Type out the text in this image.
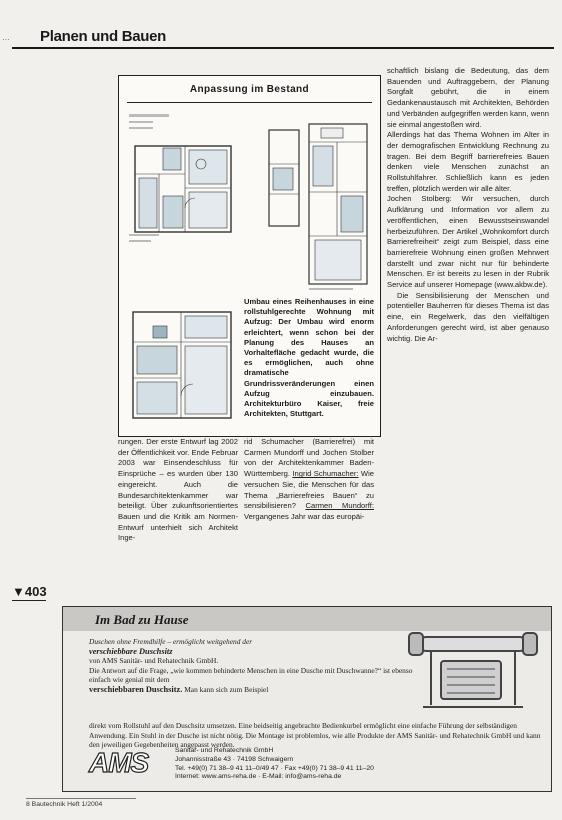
… Planen und Bauen
Anpassung im Bestand
Umbau eines Reihenhauses in eine rollstuhlgerechte Wohnung mit Aufzug: Der Umbau wird enorm erleichtert, wenn schon bei der Planung des Hauses an Vorhaltefläche gedacht wurde, die es ermöglichen, auch ohne dramatische Grundrissveränderungen einen Aufzug einzubauen. Architekturbüro Kaiser, freie Architekten, Stuttgart.

schaftlich bislang die Bedeutung, das dem Bauenden und Auftraggebern, der Planung Sorgfalt gebührt, die in einem Gedankenaustausch mit Architekten, Behörden und Verbänden aufgegriffen werden kann, wenn sie einmal angestoßen wird.

Allerdings hat das Thema Wohnen im Alter in der demografischen Entwicklung Rechnung zu tragen. Bei dem Begriff barrierefreies Bauen denken viele Menschen zunächst an Rollstuhlfahrer. Schließlich kann es jeden treffen, plötzlich werden wir alle älter.

Jochen Stolberg: Wir versuchen, durch Aufklärung und Information vor allem zu veröffentlichen, einen Bewusstseinswandel herbeizuführen. Der Artikel „Wohnkomfort durch Barrierefreiheit“ zeigt zum Beispiel, dass eine barrierefreie Wohnung einen großen Mehrwert darstellt und zwar nicht nur für behinderte Menschen. Er ist bereits zu lesen in der Rubrik Service auf unserer Homepage (www.akbw.de).

Die Sensibilisierung der Menschen und potentieller Bauherren für dieses Thema ist das eine, ein Regelwerk, das den vielfältigen Anforderungen gerecht wird, ist aber genauso wichtig. Die Ar-

rungen. Der erste Entwurf lag 2002 der Öffentlichkeit vor. Ende Februar 2003 war Einsendeschluss für Einsprüche – es wurden über 130 eingereicht. Auch die Bundesarchitektenkammer war beteiligt. Über zukunftsorientiertes Bauen und die Kritik am Normen-Entwurf unterhielt sich Architekt Inge-

rid Schumacher (Barrierefrei) mit Carmen Mundorff und Jochen Stolber von der Architektenkammer Baden-Württemberg. Ingrid Schumacher: Wie versuchen Sie, die Menschen für das Thema „Barrierefreies Bauen“ zu sensibilisieren? Carmen Mundorff: Vergangenes Jahr war das europäi-

▼403
Im Bad zu Hause

Duschen ohne Fremdhilfe – ermöglicht weitgehend der

verschiebbare Duschsitz

von AMS Sanitär- und Rehatechnik GmbH.

Die Antwort auf die Frage, „wie kommen behinderte Menschen in eine Dusche mit Duschwanne?“ ist ebenso einfach wie genial mit dem

verschiebbaren Duschsitz. Man kann sich zum Beispiel

direkt vom Rollstuhl auf den Duschsitz umsetzen. Eine beidseitig angebrachte Bedienkurbel ermöglicht eine einfache Führung der selbständigen Anwendung. Ein Stuhl in der Dusche ist nicht nötig. Die Montage ist problemlos, wie alle Produkte der AMS Sanitär- und Rehatechnik GmbH und kann den jeweiligen Gegebenheiten angepasst werden.
AMS	Sanitär- und Rehatechnik GmbH

Johannisstraße 43 · 74198 Schwaigern

Tel. +49(0) 71 38–9 41 11–0/49 47 · Fax +49(0) 71 38–9 41 11–20

Internet: www.ams-reha.de · E-Mail: info@ams-reha.de

8 Bautechnik Heft 1/2004
